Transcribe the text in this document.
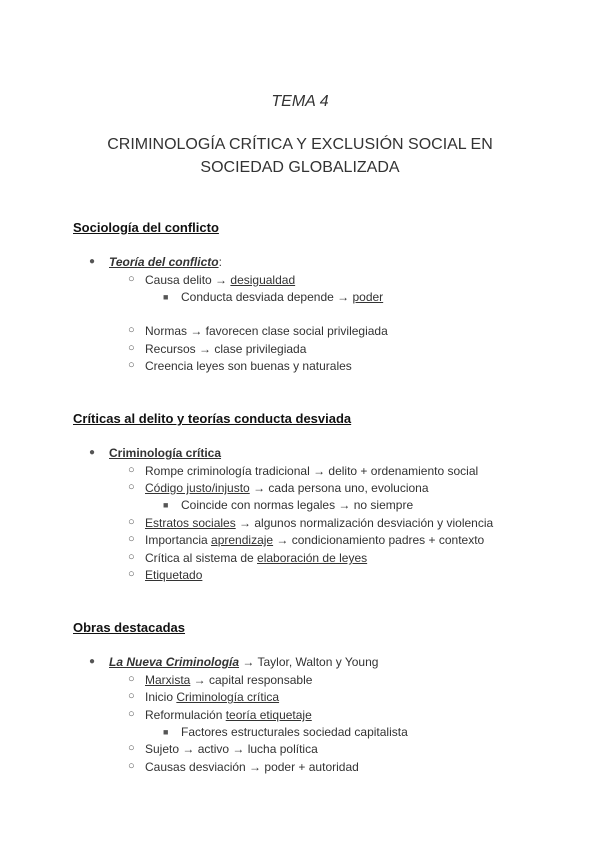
TEMA 4
CRIMINOLOGÍA CRÍTICA Y EXCLUSIÓN SOCIAL EN
SOCIEDAD GLOBALIZADA
Sociología del conflicto
● Teoría del conflicto:
○ Causa delito → desigualdad
■ Conducta desviada depende → poder
○ Normas → favorecen clase social privilegiada
○ Recursos → clase privilegiada
○ Creencia leyes son buenas y naturales
Críticas al delito y teorías conducta desviada
● Criminología crítica
○ Rompe criminología tradicional → delito + ordenamiento social
○ Código justo/injusto → cada persona uno, evoluciona
■ Coincide con normas legales → no siempre
○ Estratos sociales → algunos normalización desviación y violencia
○ Importancia aprendizaje → condicionamiento padres + contexto
○ Crítica al sistema de elaboración de leyes
○ Etiquetado
Obras destacadas
● La Nueva Criminología → Taylor, Walton y Young
○ Marxista → capital responsable
○ Inicio Criminología crítica
○ Reformulación teoría etiquetaje
■ Factores estructurales sociedad capitalista
○ Sujeto → activo → lucha política
○ Causas desviación → poder + autoridad
